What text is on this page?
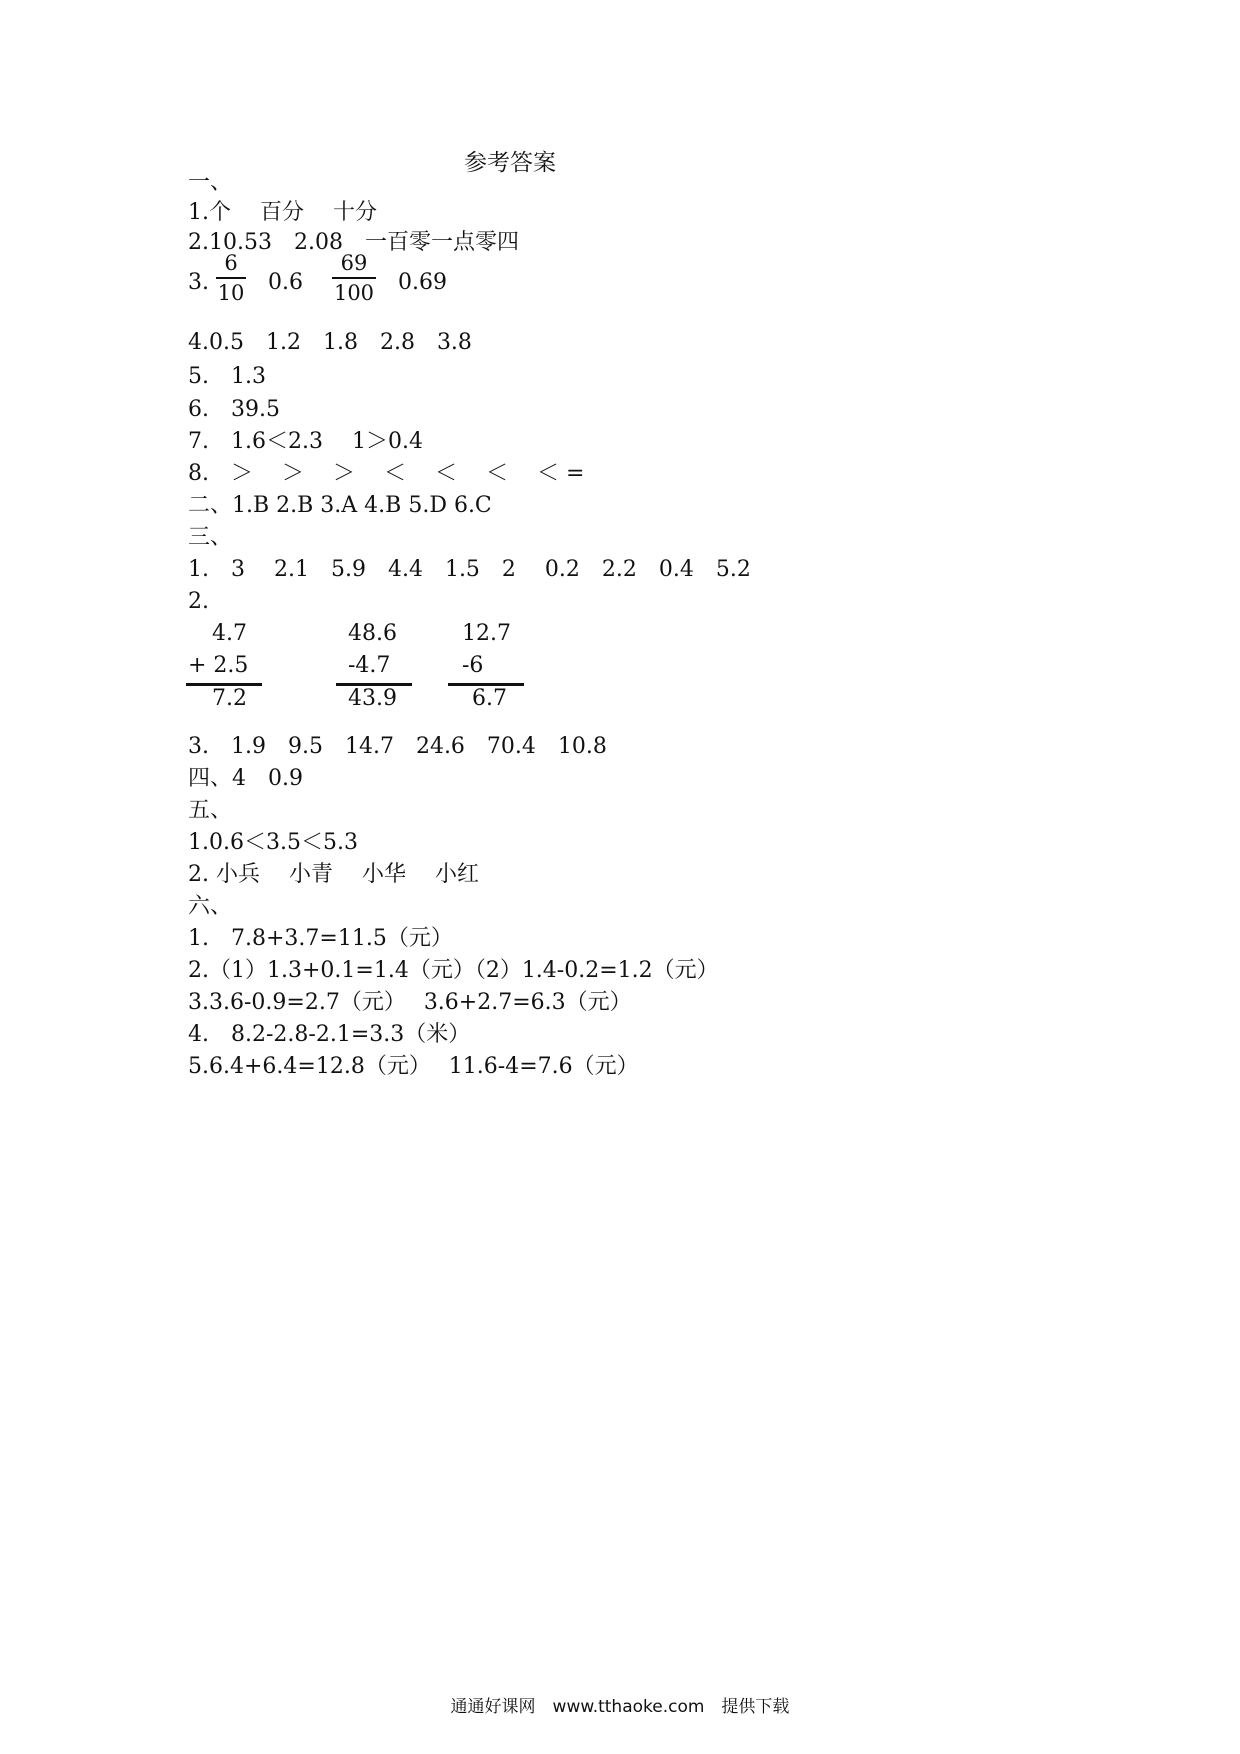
参考答案
一、
1.个　 百分　 十分
2.10.53　2.08　一百零一点零四
3.
6
10 0.6
69
100 0.69
4.0.5　1.2　1.8　2.8　3.8
5.　1.3
6.　39.5
7.　1.6＜2.3　 1＞0.4
8.　＞　 ＞　 ＞　 ＜　 ＜　 ＜　 ＜ =
二、1.B 2.B 3.A 4.B 5.D 6.C
三、
1.　3　 2.1　5.9　4.4　1.5　2　 0.2　2.2　0.4　5.2
2.
4.7
+ 2.5
7.2
48.6
-4.7
43.9
12.7
-6
6.7
3.　1.9　9.5　14.7　24.6　70.4　10.8
四、4　0.9
五、
1.0.6＜3.5＜5.3
2. 小兵　 小青　 小华　 小红
六、
1.　7.8+3.7=11.5（元）
2.（1）1.3+0.1=1.4（元）（2）1.4-0.2=1.2（元）
3.3.6-0.9=2.7（元）　 3.6+2.7=6.3（元）
4.　8.2-2.8-2.1=3.3（米）
5.6.4+6.4=12.8（元）　 11.6-4=7.6（元）
通通好课网　www.tthaoke.com　提供下载
